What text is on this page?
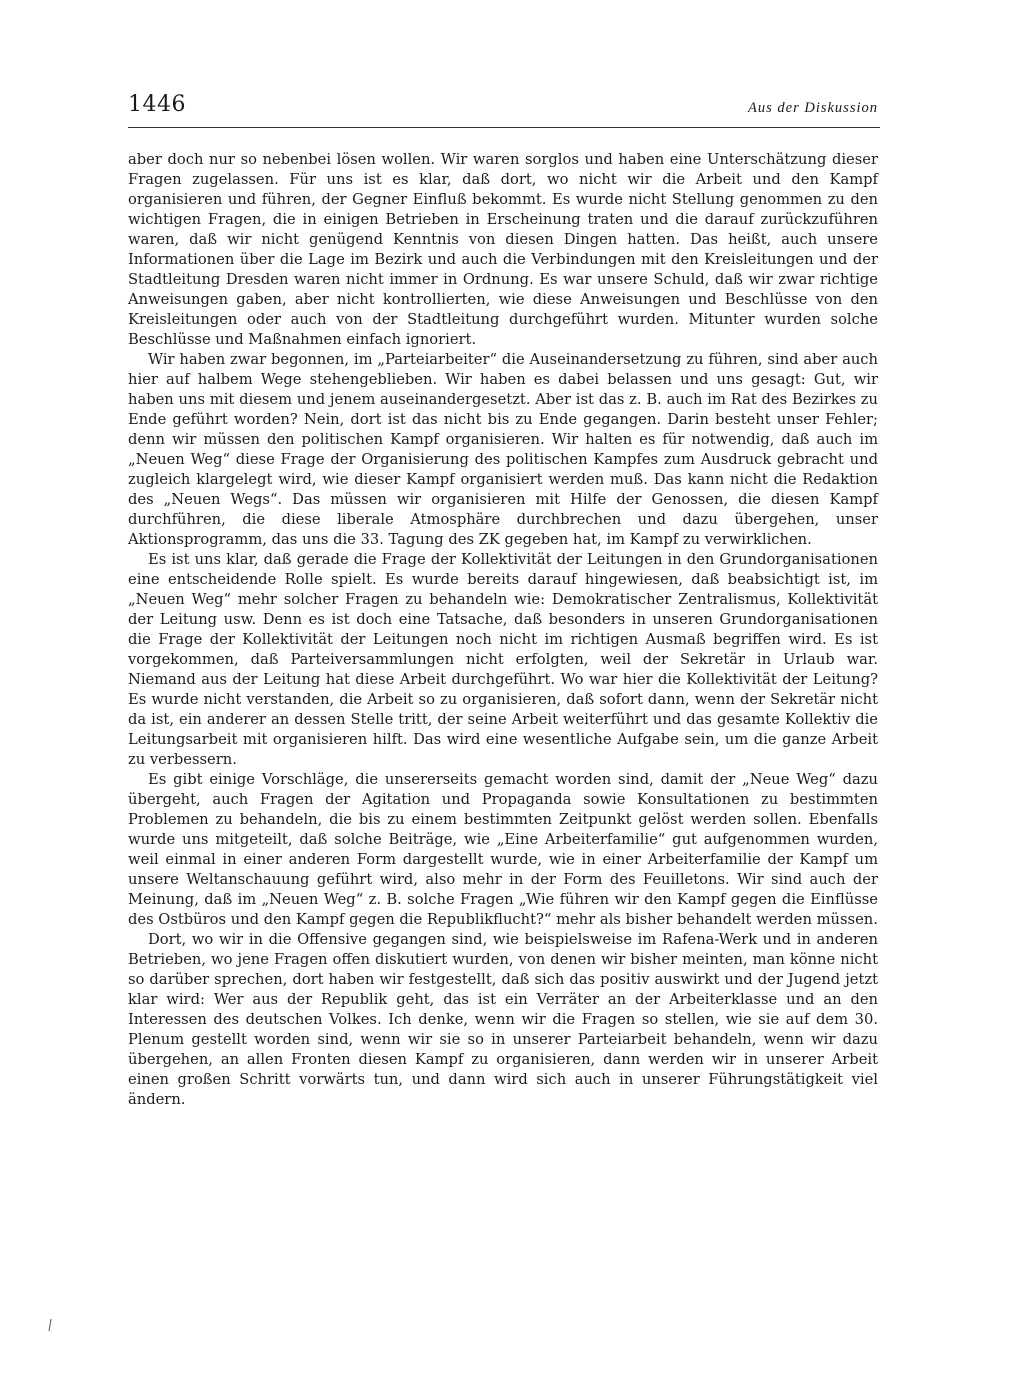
1446	Aus der Diskussion

aber doch nur so nebenbei lösen wollen. Wir waren sorglos und haben eine Unterschätzung dieser Fragen zugelassen. Für uns ist es klar, daß dort, wo nicht wir die Arbeit und den Kampf organisieren und führen, der Gegner Einfluß bekommt. Es wurde nicht Stellung genommen zu den wichtigen Fragen, die in einigen Betrieben in Erscheinung traten und die darauf zurückzuführen waren, daß wir nicht genügend Kenntnis von diesen Dingen hatten. Das heißt, auch unsere Informationen über die Lage im Bezirk und auch die Verbindungen mit den Kreisleitungen und der Stadtleitung Dresden waren nicht immer in Ordnung. Es war unsere Schuld, daß wir zwar richtige Anweisungen gaben, aber nicht kontrollierten, wie diese Anweisungen und Beschlüsse von den Kreisleitungen oder auch von der Stadtleitung durchgeführt wurden. Mitunter wurden solche Beschlüsse und Maßnahmen einfach ignoriert.

Wir haben zwar begonnen, im „Parteiarbeiter“ die Auseinandersetzung zu führen, sind aber auch hier auf halbem Wege stehengeblieben. Wir haben es dabei belassen und uns gesagt: Gut, wir haben uns mit diesem und jenem auseinandergesetzt. Aber ist das z. B. auch im Rat des Bezirkes zu Ende geführt worden? Nein, dort ist das nicht bis zu Ende gegangen. Darin besteht unser Fehler; denn wir müssen den politischen Kampf organisieren. Wir halten es für notwendig, daß auch im „Neuen Weg“ diese Frage der Organisierung des politischen Kampfes zum Ausdruck gebracht und zugleich klargelegt wird, wie dieser Kampf organisiert werden muß. Das kann nicht die Redaktion des „Neuen Wegs“. Das müssen wir organisieren mit Hilfe der Genossen, die diesen Kampf durchführen, die diese liberale Atmosphäre durchbrechen und dazu übergehen, unser Aktionsprogramm, das uns die 33. Tagung des ZK gegeben hat, im Kampf zu verwirklichen.

Es ist uns klar, daß gerade die Frage der Kollektivität der Leitungen in den Grundorganisationen eine entscheidende Rolle spielt. Es wurde bereits darauf hingewiesen, daß beabsichtigt ist, im „Neuen Weg“ mehr solcher Fragen zu behandeln wie: Demokratischer Zentralismus, Kollektivität der Leitung usw. Denn es ist doch eine Tatsache, daß besonders in unseren Grundorganisationen die Frage der Kollektivität der Leitungen noch nicht im richtigen Ausmaß begriffen wird. Es ist vorgekommen, daß Parteiversammlungen nicht erfolgten, weil der Sekretär in Urlaub war. Niemand aus der Leitung hat diese Arbeit durchgeführt. Wo war hier die Kollektivität der Leitung? Es wurde nicht verstanden, die Arbeit so zu organisieren, daß sofort dann, wenn der Sekretär nicht da ist, ein anderer an dessen Stelle tritt, der seine Arbeit weiterführt und das gesamte Kollektiv die Leitungsarbeit mit organisieren hilft. Das wird eine wesentliche Aufgabe sein, um die ganze Arbeit zu verbessern.

Es gibt einige Vorschläge, die unsererseits gemacht worden sind, damit der „Neue Weg“ dazu übergeht, auch Fragen der Agitation und Propaganda sowie Konsultationen zu bestimmten Problemen zu behandeln, die bis zu einem bestimmten Zeitpunkt gelöst werden sollen. Ebenfalls wurde uns mitgeteilt, daß solche Beiträge, wie „Eine Arbeiterfamilie“ gut aufgenommen wurden, weil einmal in einer anderen Form dargestellt wurde, wie in einer Arbeiterfamilie der Kampf um unsere Weltanschauung geführt wird, also mehr in der Form des Feuilletons. Wir sind auch der Meinung, daß im „Neuen Weg“ z. B. solche Fragen „Wie führen wir den Kampf gegen die Einflüsse des Ostbüros und den Kampf gegen die Republikflucht?“ mehr als bisher behandelt werden müssen.

Dort, wo wir in die Offensive gegangen sind, wie beispielsweise im Rafena-Werk und in anderen Betrieben, wo jene Fragen offen diskutiert wurden, von denen wir bisher meinten, man könne nicht so darüber sprechen, dort haben wir festgestellt, daß sich das positiv auswirkt und der Jugend jetzt klar wird: Wer aus der Republik geht, das ist ein Verräter an der Arbeiterklasse und an den Interessen des deutschen Volkes. Ich denke, wenn wir die Fragen so stellen, wie sie auf dem 30. Plenum gestellt worden sind, wenn wir sie so in unserer Parteiarbeit behandeln, wenn wir dazu übergehen, an allen Fronten diesen Kampf zu organisieren, dann werden wir in unserer Arbeit einen großen Schritt vorwärts tun, und dann wird sich auch in unserer Führungstätigkeit viel ändern.
